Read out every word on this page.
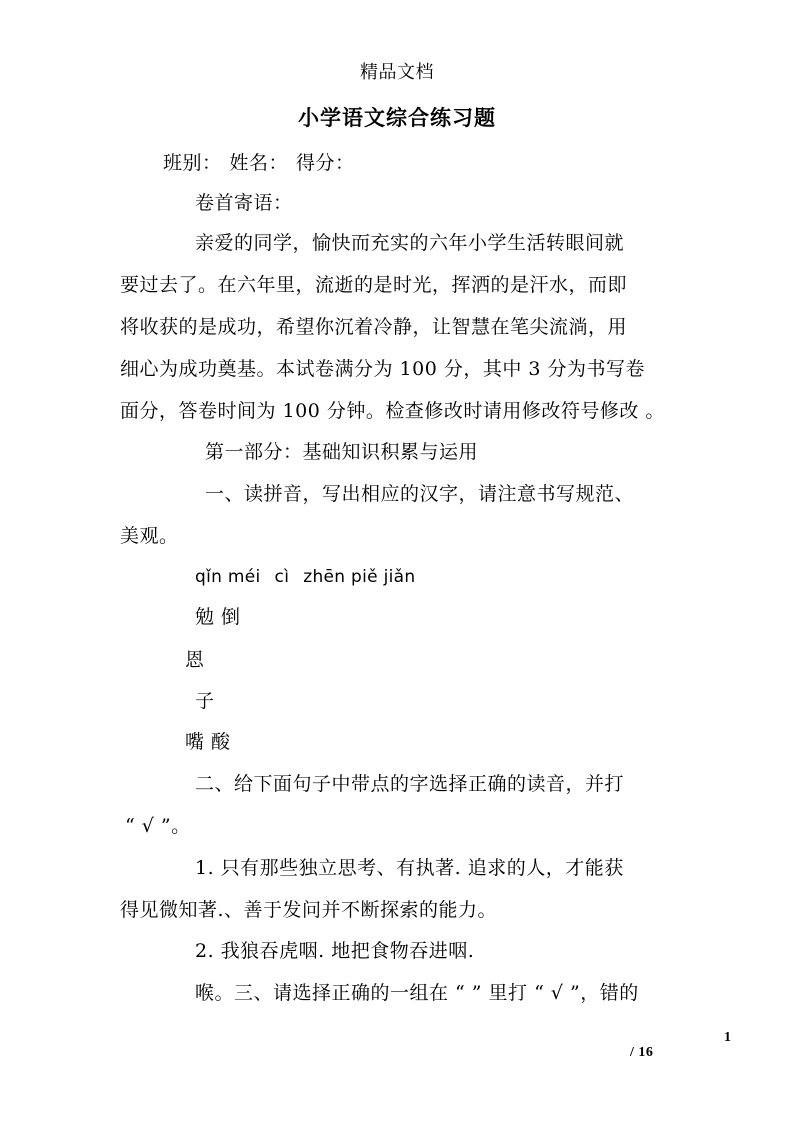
精品文档
小学语文综合练习题
班别： 姓名： 得分：
卷首寄语：
亲爱的同学，愉快而充实的六年小学生活转眼间就
要过去了。在六年里，流逝的是时光，挥洒的是汗水，而即
将收获的是成功，希望你沉着冷静，让智慧在笔尖流淌，用
细心为成功奠基。本试卷满分为 100 分，其中 3 分为书写卷
面分，答卷时间为 100 分钟。检查修改时请用修改符号修改 。
第一部分：基础知识积累与运用
一、读拼音，写出相应的汉字，请注意书写规范、
美观。
qǐn méi cì zhēn piě jiǎn
勉 倒
恩
子
嘴 酸
二、给下面句子中带点的字选择正确的读音，并打
“ √ ”。
1. 只有那些独立思考、有执著. 追求的人，才能获
得见微知著.、善于发问并不断探索的能力。
2. 我狼吞虎咽. 地把食物吞进咽.
喉。三、请选择正确的一组在 “ ” 里打 “ √ ”，错的
1
/ 16
